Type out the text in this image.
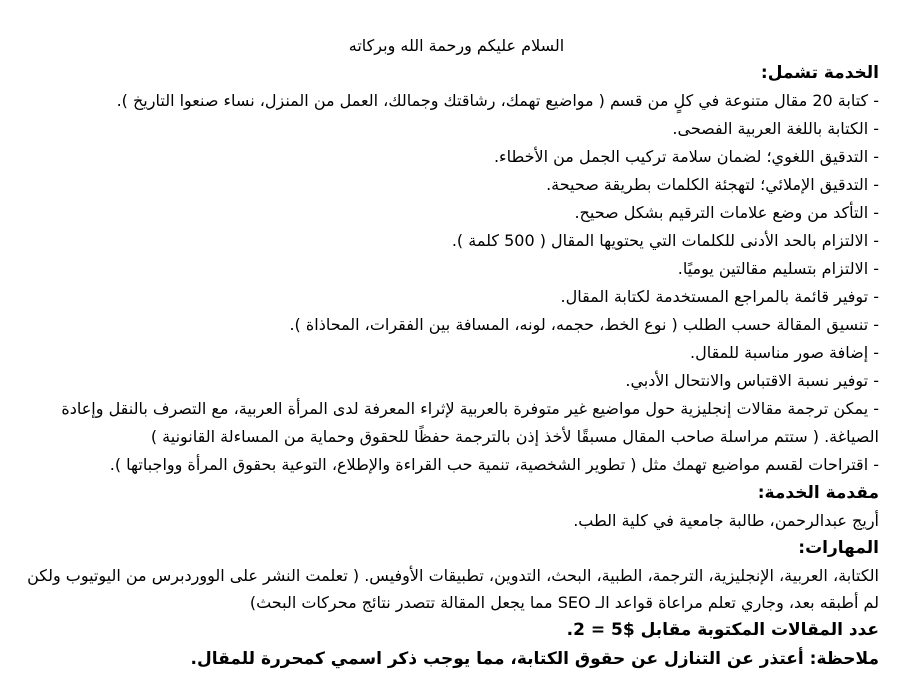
السلام عليكم ورحمة الله وبركاته

الخدمة تشمل:

- كتابة 20 مقال متنوعة في كلٍ من قسم ( مواضيع تهمك، رشاقتك وجمالك، العمل من المنزل، نساء صنعوا التاريخ ).
- الكتابة باللغة العربية الفصحى.
- التدقيق اللغوي؛ لضمان سلامة تركيب الجمل من الأخطاء.
- التدقيق الإملائي؛ لتهجئة الكلمات بطريقة صحيحة.
- التأكد من وضع علامات الترقيم بشكل صحيح.
- الالتزام بالحد الأدنى للكلمات التي يحتويها المقال ( 500 كلمة ).
- الالتزام بتسليم مقالتين يوميًا.
- توفير قائمة بالمراجع المستخدمة لكتابة المقال.
- تنسيق المقالة حسب الطلب ( نوع الخط، حجمه، لونه، المسافة بين الفقرات، المحاذاة ).
- إضافة صور مناسبة للمقال.
- توفير نسبة الاقتباس والانتحال الأدبي.
- يمكن ترجمة مقالات إنجليزية حول مواضيع غير متوفرة بالعربية لإثراء المعرفة لدى المرأة العربية، مع التصرف بالنقل وإعادة الصياغة. ( ستتم مراسلة صاحب المقال مسبقًا لأخذ إذن بالترجمة حفظًا للحقوق وحماية من المساءلة القانونية )
- اقتراحات لقسم مواضيع تهمك مثل ( تطوير الشخصية، تنمية حب القراءة والإطلاع، التوعية بحقوق المرأة وواجباتها ).

مقدمة الخدمة:

أريج عبدالرحمن، طالبة جامعية في كلية الطب.

المهارات:

الكتابة، العربية، الإنجليزية، الترجمة، الطبية، البحث، التدوين، تطبيقات الأوفيس. ( تعلمت النشر على الووردبرس من اليوتيوب ولكن لم أطبقه بعد، وجاري تعلم مراعاة قواعد الـ SEO مما يجعل المقالة تتصدر نتائج محركات البحث)

عدد المقالات المكتوبة مقابل $5 = 2.

ملاحظة: أعتذر عن التنازل عن حقوق الكتابة، مما يوجب ذكر اسمي كمحررة للمقال.
